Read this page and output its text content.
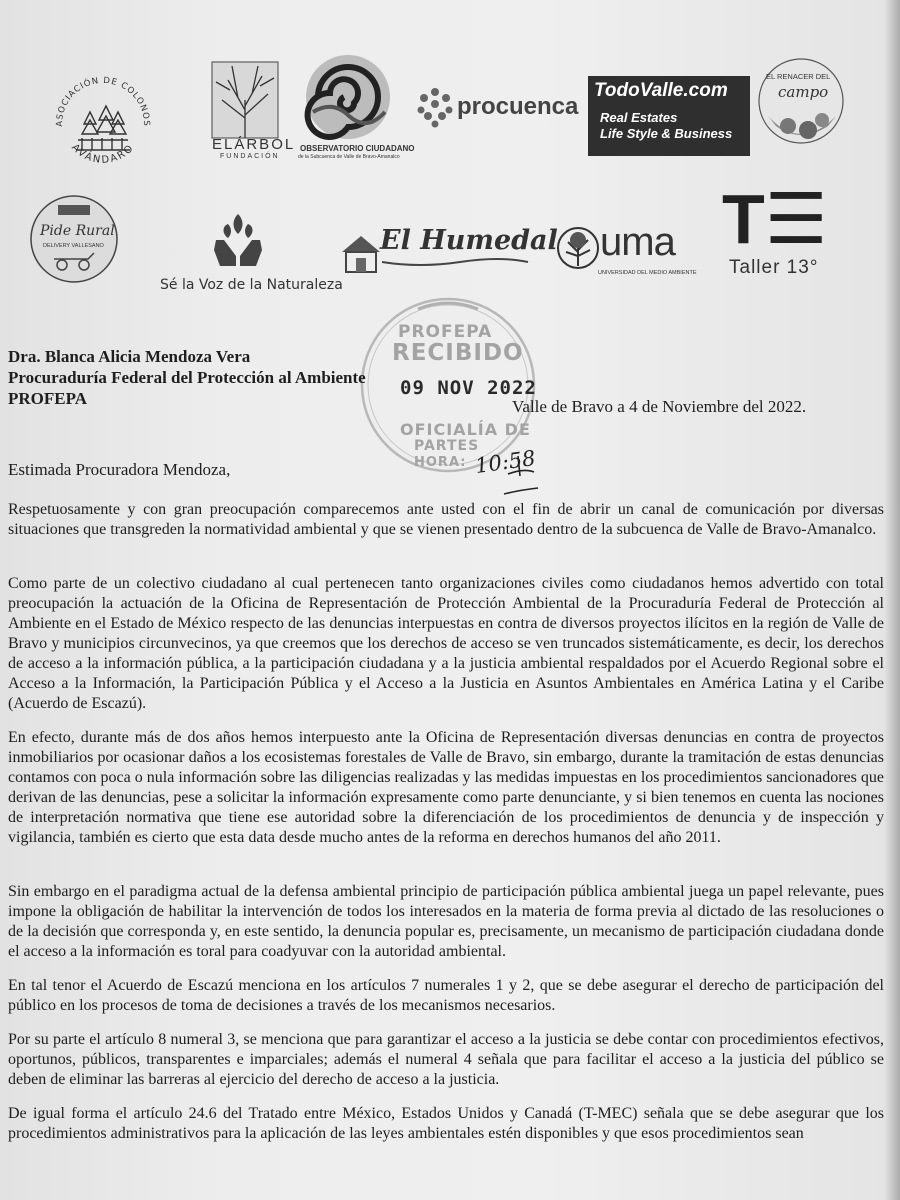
ASOCIACIÓN DE COLONOS
AVÁNDARO	ELÁRBOL
FUNDACIÓN
OBSERVATORIO CIUDADANO
de la Subcuenca de Valle de Bravo-Amanalco
procuenca
TodoValle.com
Real Estates
Life Style & Business
EL RENACER DEL
campo
Pide Rural
DELIVERY VALLESANO
Sé la Voz de la Naturaleza
El Humedal uma
UNIVERSIDAD DEL MEDIO AMBIENTE
T☰
Taller 13°
PROFEPA
RECIBIDO
09 NOV 2022
OFICIALÍA DE
PARTES
HORA: 10:58
Dra. Blanca Alicia Mendoza Vera
Procuraduría Federal del Protección al Ambiente
PROFEPA	Valle de Bravo a 4 de Noviembre del 2022.
Estimada Procuradora Mendoza,

Respetuosamente y con gran preocupación comparecemos ante usted con el fin de abrir un canal de comunicación por diversas situaciones que transgreden la normatividad ambiental y que se vienen presentado dentro de la subcuenca de Valle de Bravo-Amanalco.

Como parte de un colectivo ciudadano al cual pertenecen tanto organizaciones civiles como ciudadanos hemos advertido con total preocupación la actuación de la Oficina de Representación de Protección Ambiental de la Procuraduría Federal de Protección al Ambiente en el Estado de México respecto de las denuncias interpuestas en contra de diversos proyectos ilícitos en la región de Valle de Bravo y municipios circunvecinos, ya que creemos que los derechos de acceso se ven truncados sistemáticamente, es decir, los derechos de acceso a la información pública, a la participación ciudadana y a la justicia ambiental respaldados por el Acuerdo Regional sobre el Acceso a la Información, la Participación Pública y el Acceso a la Justicia en Asuntos Ambientales en América Latina y el Caribe (Acuerdo de Escazú).

En efecto, durante más de dos años hemos interpuesto ante la Oficina de Representación diversas denuncias en contra de proyectos inmobiliarios por ocasionar daños a los ecosistemas forestales de Valle de Bravo, sin embargo, durante la tramitación de estas denuncias contamos con poca o nula información sobre las diligencias realizadas y las medidas impuestas en los procedimientos sancionadores que derivan de las denuncias, pese a solicitar la información expresamente como parte denunciante, y si bien tenemos en cuenta las nociones de interpretación normativa que tiene ese autoridad sobre la diferenciación de los procedimientos de denuncia y de inspección y vigilancia, también es cierto que esta data desde mucho antes de la reforma en derechos humanos del año 2011.

Sin embargo en el paradigma actual de la defensa ambiental principio de participación pública ambiental juega un papel relevante, pues impone la obligación de habilitar la intervención de todos los interesados en la materia de forma previa al dictado de las resoluciones o de la decisión que corresponda y, en este sentido, la denuncia popular es, precisamente, un mecanismo de participación ciudadana donde el acceso a la información es toral para coadyuvar con la autoridad ambiental.

En tal tenor el Acuerdo de Escazú menciona en los artículos 7 numerales 1 y 2, que se debe asegurar el derecho de participación del público en los procesos de toma de decisiones a través de los mecanismos necesarios.

Por su parte el artículo 8 numeral 3, se menciona que para garantizar el acceso a la justicia se debe contar con procedimientos efectivos, oportunos, públicos, transparentes e imparciales; además el numeral 4 señala que para facilitar el acceso a la justicia del público se deben de eliminar las barreras al ejercicio del derecho de acceso a la justicia.

De igual forma el artículo 24.6 del Tratado entre México, Estados Unidos y Canadá (T-MEC) señala que se debe asegurar que los procedimientos administrativos para la aplicación de las leyes ambientales estén disponibles y que esos procedimientos sean
